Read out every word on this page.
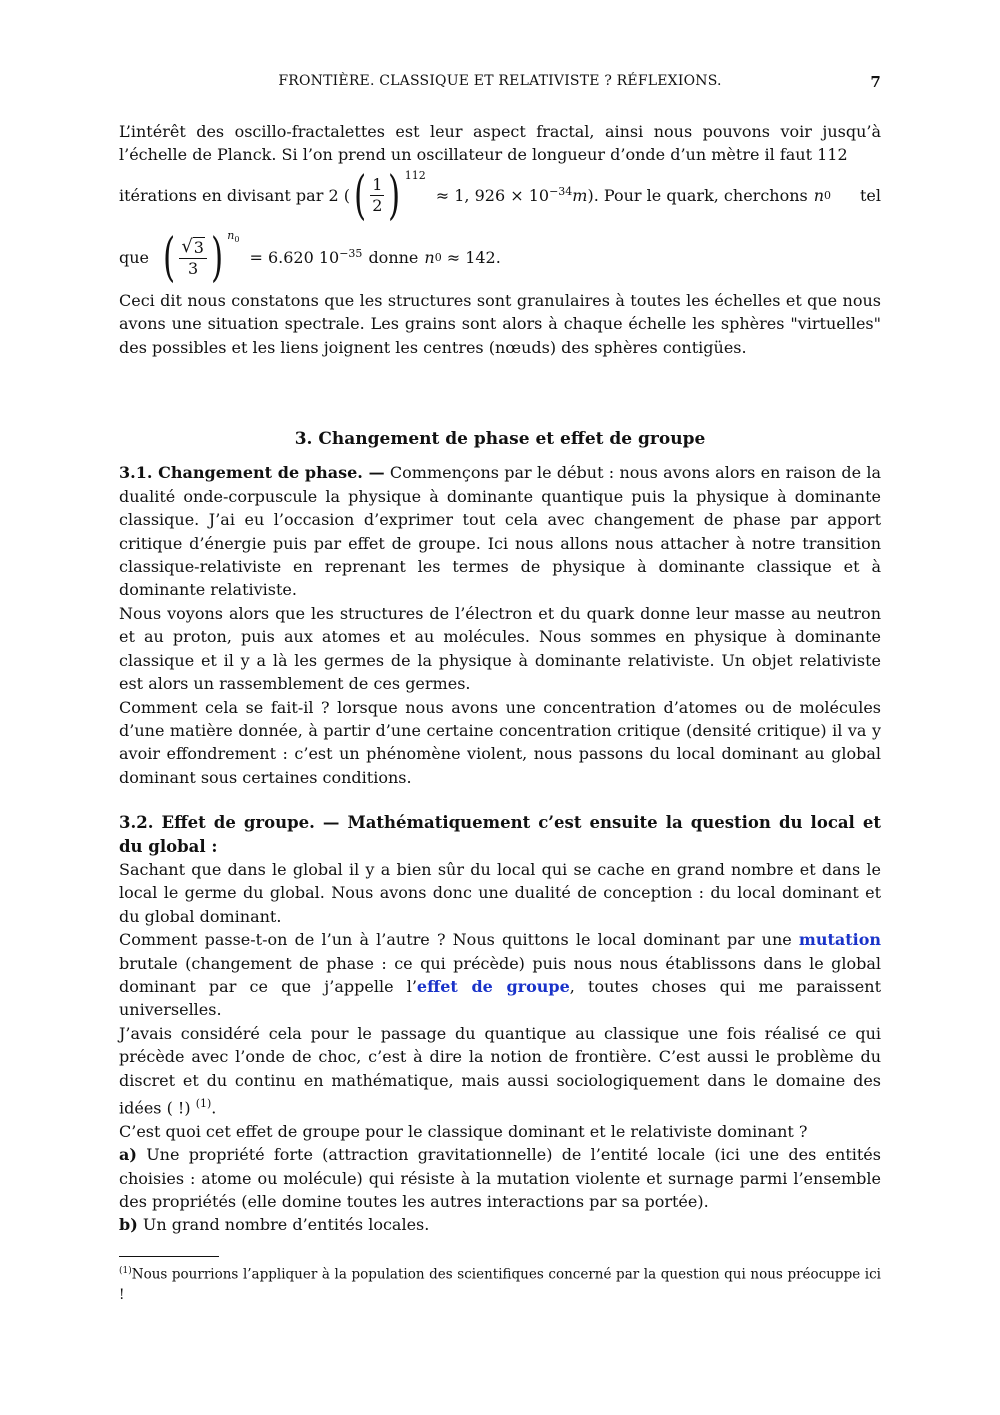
FRONTIÈRE. CLASSIQUE ET RELATIVISTE ? RÉFLEXIONS.	7

L’intérêt des oscillo-fractalettes est leur aspect fractal, ainsi nous pouvons voir jusqu’à l’échelle de Planck. Si l’on prend un oscillateur de longueur d’onde d’un mètre il faut 112

itérations en divisant par 2 ( ( $\frac{1}{2}$ ) 112
≈ 1, 926 × 10 −34 m ). Pour le quark, cherchons n 0 tel
que ( $\frac{√ 3}{3}$ ) $n_0$
= 6.620 10 −35 donne n 0 ≈ 142.

Ceci dit nous constatons que les structures sont granulaires à toutes les échelles et que nous avons une situation spectrale. Les grains sont alors à chaque échelle les sphères "virtuelles" des possibles et les liens joignent les centres (nœuds) des sphères contigües.

3. Changement de phase et effet de groupe

3.1. Changement de phase. — Commençons par le début : nous avons alors en raison de la dualité onde-corpuscule la physique à dominante quantique puis la physique à dominante classique. J’ai eu l’occasion d’exprimer tout cela avec changement de phase par apport critique d’énergie puis par effet de groupe. Ici nous allons nous attacher à notre transition classique-relativiste en reprenant les termes de physique à dominante classique et à dominante relativiste.

Nous voyons alors que les structures de l’électron et du quark donne leur masse au neutron et au proton, puis aux atomes et au molécules. Nous sommes en physique à dominante classique et il y a là les germes de la physique à dominante relativiste. Un objet relativiste est alors un rassemblement de ces germes.

Comment cela se fait-il ? lorsque nous avons une concentration d’atomes ou de molécules d’une matière donnée, à partir d’une certaine concentration critique (densité critique) il va y avoir effondrement : c’est un phénomène violent, nous passons du local dominant au global dominant sous certaines conditions.

3.2. Effet de groupe. — Mathématiquement c’est ensuite la question du local et du global :

Sachant que dans le global il y a bien sûr du local qui se cache en grand nombre et dans le local le germe du global. Nous avons donc une dualité de conception : du local dominant et du global dominant.

Comment passe-t-on de l’un à l’autre ? Nous quittons le local dominant par une mutation brutale (changement de phase : ce qui précède) puis nous nous établissons dans le global dominant par ce que j’appelle l’effet de groupe, toutes choses qui me paraissent universelles.

J’avais considéré cela pour le passage du quantique au classique une fois réalisé ce qui précède avec l’onde de choc, c’est à dire la notion de frontière. C’est aussi le problème du discret et du continu en mathématique, mais aussi sociologiquement dans le domaine des idées ( !) $^{(1)}$.

C’est quoi cet effet de groupe pour le classique dominant et le relativiste dominant ?

a) Une propriété forte (attraction gravitationnelle) de l’entité locale (ici une des entités choisies : atome ou molécule) qui résiste à la mutation violente et surnage parmi l’ensemble des propriétés (elle domine toutes les autres interactions par sa portée).

b) Un grand nombre d’entités locales.

$^{(1)}$Nous pourrions l’appliquer à la population des scientifiques concerné par la question qui nous préocuppe ici !
